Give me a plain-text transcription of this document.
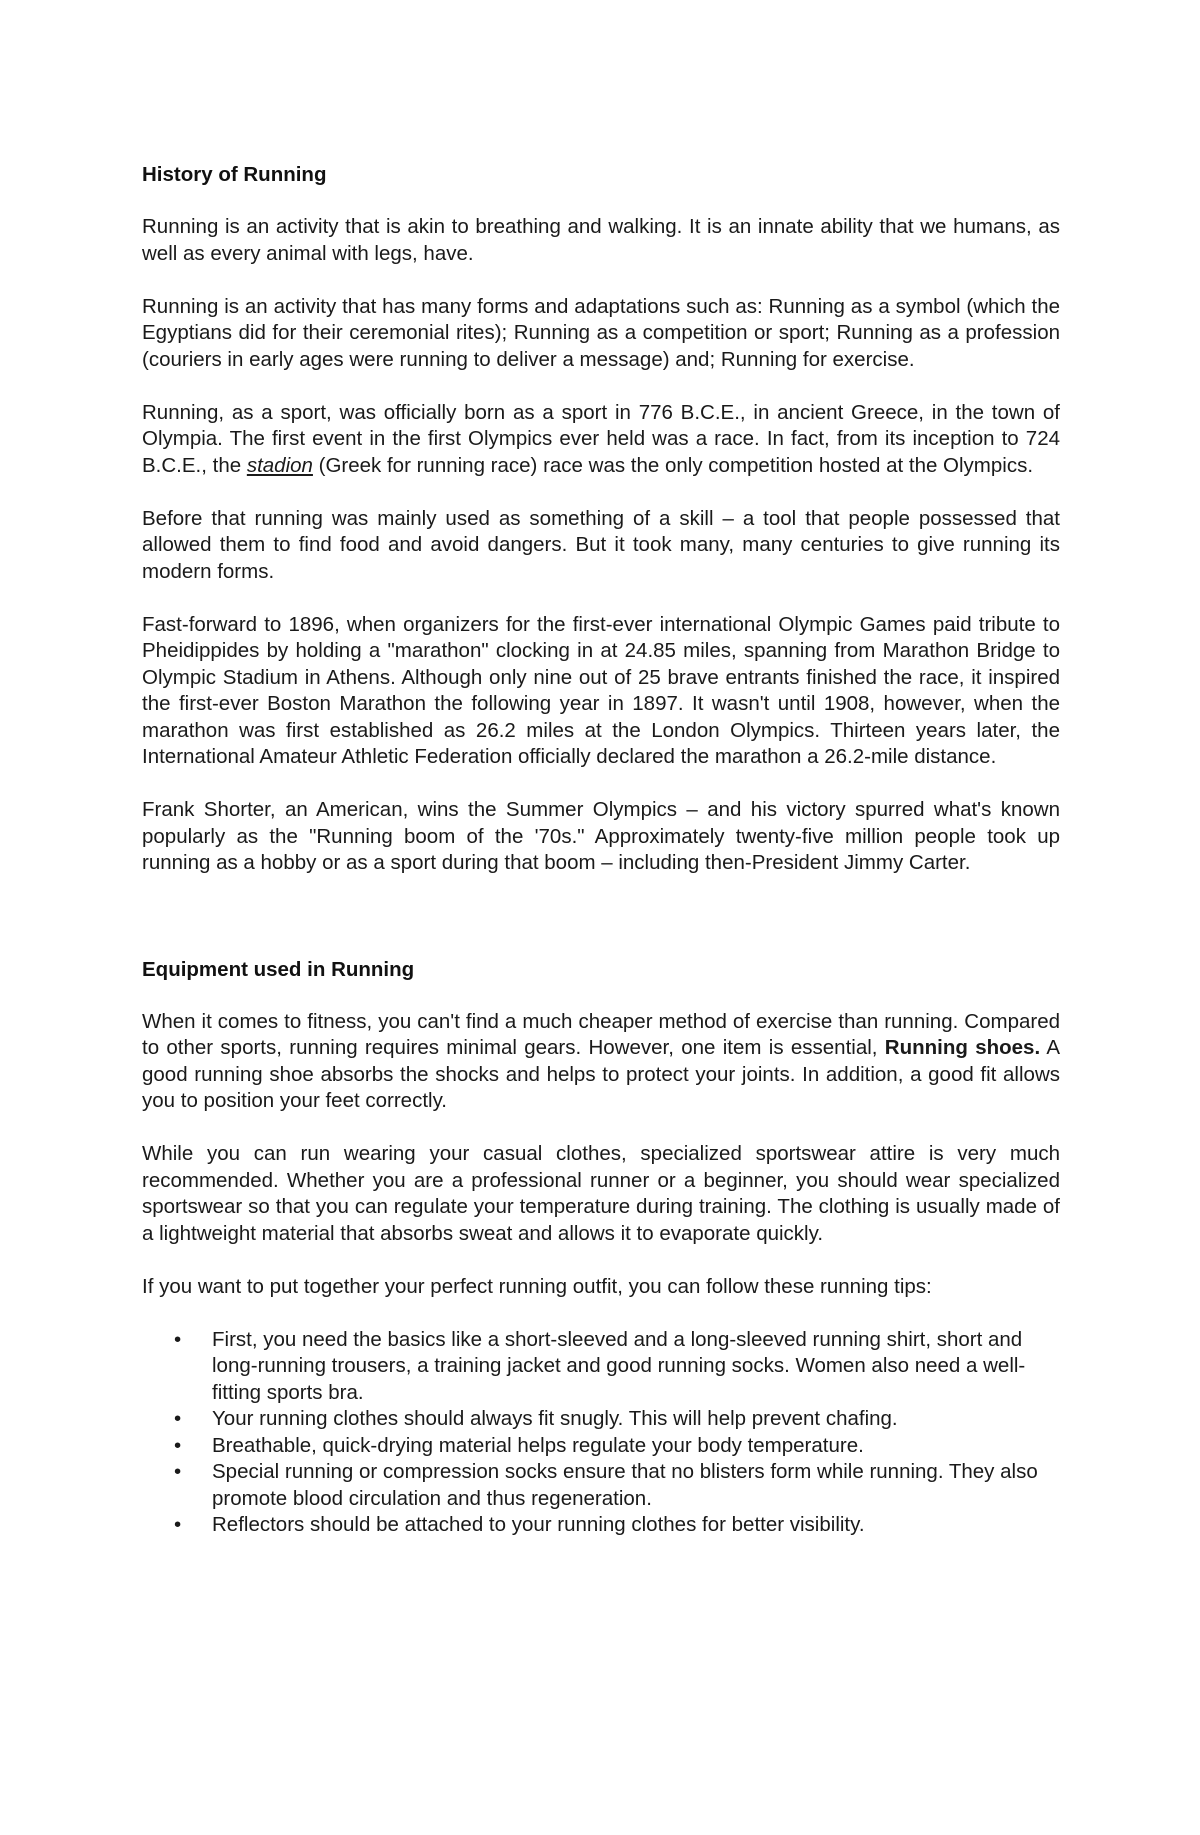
History of Running

Running is an activity that is akin to breathing and walking. It is an innate ability that we humans, as well as every animal with legs, have.

Running is an activity that has many forms and adaptations such as: Running as a symbol (which the Egyptians did for their ceremonial rites); Running as a competition or sport; Running as a profession (couriers in early ages were running to deliver a message) and; Running for exercise.

Running, as a sport, was officially born as a sport in 776 B.C.E., in ancient Greece, in the town of Olympia. The first event in the first Olympics ever held was a race. In fact, from its inception to 724 B.C.E., the stadion (Greek for running race) race was the only competition hosted at the Olympics.

Before that running was mainly used as something of a skill – a tool that people possessed that allowed them to find food and avoid dangers. But it took many, many centuries to give running its modern forms.

Fast-forward to 1896, when organizers for the first-ever international Olympic Games paid tribute to Pheidippides by holding a "marathon" clocking in at 24.85 miles, spanning from Marathon Bridge to Olympic Stadium in Athens. Although only nine out of 25 brave entrants finished the race, it inspired the first-ever Boston Marathon the following year in 1897. It wasn't until 1908, however, when the marathon was first established as 26.2 miles at the London Olympics. Thirteen years later, the International Amateur Athletic Federation officially declared the marathon a 26.2-mile distance.

Frank Shorter, an American, wins the Summer Olympics – and his victory spurred what's known popularly as the "Running boom of the '70s." Approximately twenty-five million people took up running as a hobby or as a sport during that boom – including then-President Jimmy Carter.

Equipment used in Running

When it comes to fitness, you can't find a much cheaper method of exercise than running. Compared to other sports, running requires minimal gears. However, one item is essential, Running shoes. A good running shoe absorbs the shocks and helps to protect your joints. In addition, a good fit allows you to position your feet correctly.

While you can run wearing your casual clothes, specialized sportswear attire is very much recommended. Whether you are a professional runner or a beginner, you should wear specialized sportswear so that you can regulate your temperature during training. The clothing is usually made of a lightweight material that absorbs sweat and allows it to evaporate quickly.

If you want to put together your perfect running outfit, you can follow these running tips:

• First, you need the basics like a short-sleeved and a long-sleeved running shirt, short and long-running trousers, a training jacket and good running socks. Women also need a well-fitting sports bra.
• Your running clothes should always fit snugly. This will help prevent chafing.
• Breathable, quick-drying material helps regulate your body temperature.
• Special running or compression socks ensure that no blisters form while running. They also promote blood circulation and thus regeneration.
• Reflectors should be attached to your running clothes for better visibility.
